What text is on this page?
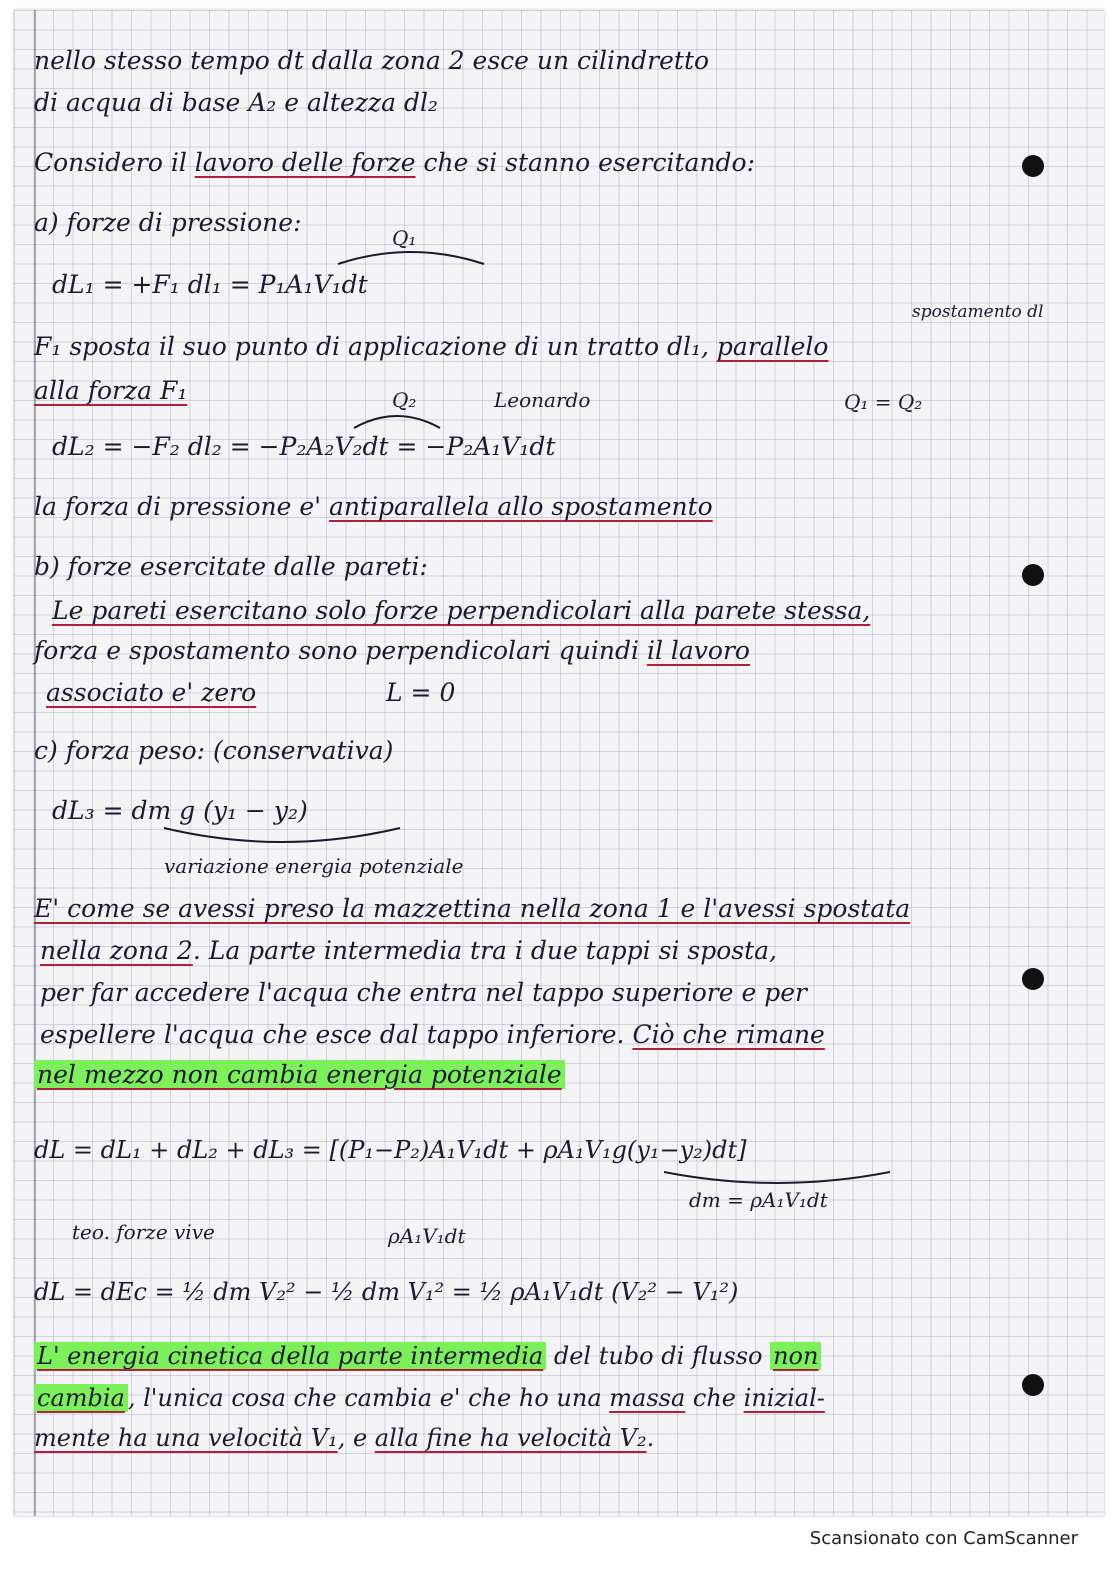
nello stesso tempo dt dalla zona 2 esce un cilindretto
di acqua di base A₂ e altezza dl₂
Considero il lavoro delle forze che si stanno esercitando:
a) forze di pressione:
Q₁
dL₁ = +F₁ dl₁ = P₁A₁V₁dt
spostamento dl
F₁ sposta il suo punto di applicazione di un tratto dl₁, parallelo
alla forza F₁	Q₂	Leonardo	Q₁ = Q₂
dL₂ = −F₂ dl₂ = −P₂A₂V₂dt = −P₂A₁V₁dt
la forza di pressione e' antiparallela allo spostamento
b) forze esercitate dalle pareti:
Le pareti esercitano solo forze perpendicolari alla parete stessa,
forza e spostamento sono perpendicolari quindi il lavoro
associato e' zero	L = 0
c) forza peso: (conservativa)
dL₃ = dm g (y₁ − y₂)
variazione energia potenziale
E' come se avessi preso la mazzettina nella zona 1 e l'avessi spostata
nella zona 2. La parte intermedia tra i due tappi si sposta,
per far accedere l'acqua che entra nel tappo superiore e per
espellere l'acqua che esce dal tappo inferiore. Ciò che rimane
nel mezzo non cambia energia potenziale
dL = dL₁ + dL₂ + dL₃ = [(P₁−P₂)A₁V₁dt + ρA₁V₁g(y₁−y₂)dt]
dm = ρA₁V₁dt
teo. forze vive	ρA₁V₁dt
dL = dEc = ½ dm V₂² − ½ dm V₁² = ½ ρA₁V₁dt (V₂² − V₁²)
L' energia cinetica della parte intermedia del tubo di flusso non
cambia , l'unica cosa che cambia e' che ho una massa che inizial-
mente ha una velocità V₁, e alla fine ha velocità V₂.
Scansionato con CamScanner
